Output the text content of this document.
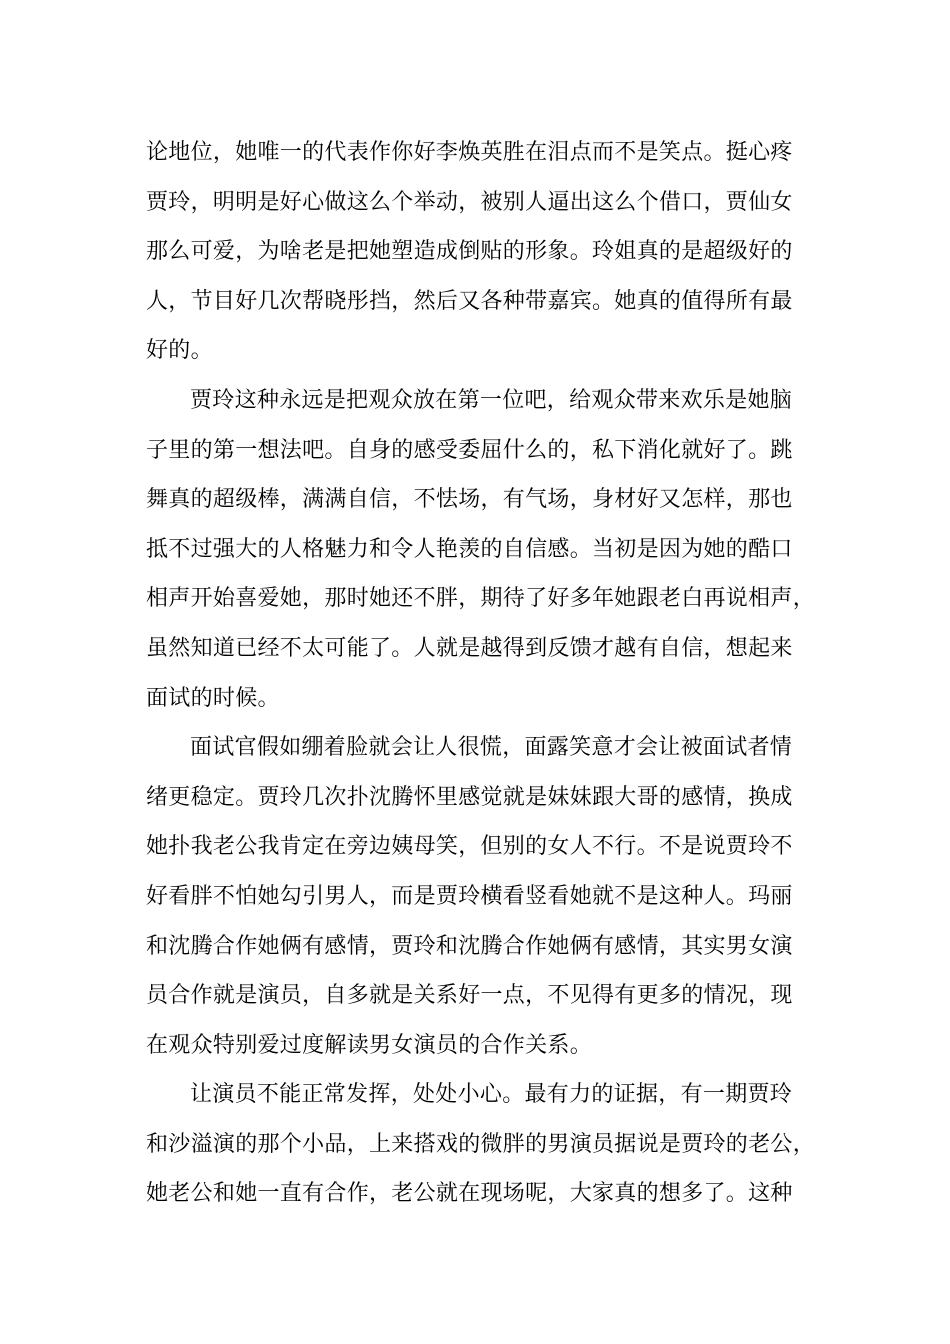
论地位，她唯一的代表作你好李焕英胜在泪点而不是笑点。挺心疼
贾玲，明明是好心做这么个举动，被别人逼出这么个借口，贾仙女
那么可爱，为啥老是把她塑造成倒贴的形象。玲姐真的是超级好的
人，节目好几次帮晓彤挡，然后又各种带嘉宾。她真的值得所有最
好的。
贾玲这种永远是把观众放在第一位吧，给观众带来欢乐是她脑
子里的第一想法吧。自身的感受委屈什么的，私下消化就好了。跳
舞真的超级棒，满满自信，不怯场，有气场，身材好又怎样，那也
抵不过强大的人格魅力和令人艳羡的自信感。当初是因为她的酷口
相声开始喜爱她，那时她还不胖，期待了好多年她跟老白再说相声，
虽然知道已经不太可能了。人就是越得到反馈才越有自信，想起来
面试的时候。
面试官假如绷着脸就会让人很慌，面露笑意才会让被面试者情
绪更稳定。贾玲几次扑沈腾怀里感觉就是妹妹跟大哥的感情，换成
她扑我老公我肯定在旁边姨母笑，但别的女人不行。不是说贾玲不
好看胖不怕她勾引男人，而是贾玲横看竖看她就不是这种人。玛丽
和沈腾合作她俩有感情，贾玲和沈腾合作她俩有感情，其实男女演
员合作就是演员，自多就是关系好一点，不见得有更多的情况，现
在观众特别爱过度解读男女演员的合作关系。
让演员不能正常发挥，处处小心。最有力的证据，有一期贾玲
和沙溢演的那个小品，上来搭戏的微胖的男演员据说是贾玲的老公，
她老公和她一直有合作，老公就在现场呢，大家真的想多了。这种
